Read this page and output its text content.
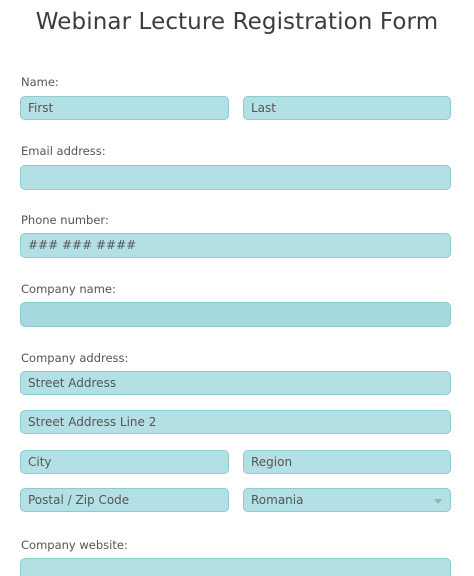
Webinar Lecture Registration Form
Name:
First	Last
Email address:
Phone number:
### ### ####
Company name:
Company address:
Street Address
Street Address Line 2
City	Region
Postal / Zip Code	Romania
Company website:
